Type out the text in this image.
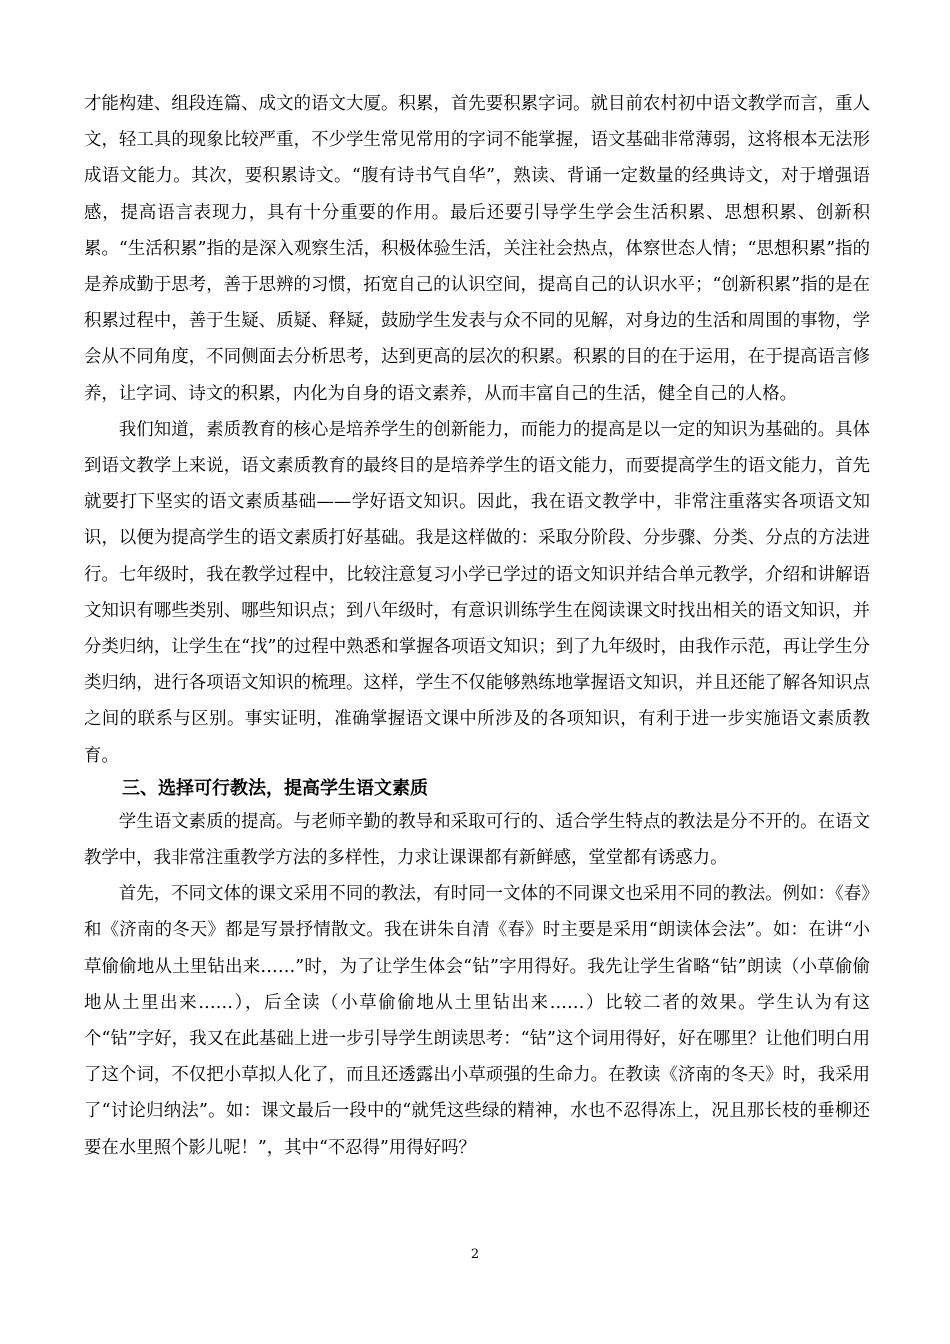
才能构建、组段连篇、成文的语文大厦。积累，首先要积累字词。就目前农村初中语文教学而言，重人文，轻工具的现象比较严重，不少学生常见常用的字词不能掌握，语文基础非常薄弱，这将根本无法形成语文能力。其次，要积累诗文。“腹有诗书气自华”，熟读、背诵一定数量的经典诗文，对于增强语感，提高语言表现力，具有十分重要的作用。最后还要引导学生学会生活积累、思想积累、创新积累。“生活积累”指的是深入观察生活，积极体验生活，关注社会热点，体察世态人情；“思想积累”指的是养成勤于思考，善于思辨的习惯，拓宽自己的认识空间，提高自己的认识水平；“创新积累”指的是在积累过程中，善于生疑、质疑、释疑，鼓励学生发表与众不同的见解，对身边的生活和周围的事物，学会从不同角度，不同侧面去分析思考，达到更高的层次的积累。积累的目的在于运用，在于提高语言修养，让字词、诗文的积累，内化为自身的语文素养，从而丰富自己的生活，健全自己的人格。

我们知道，素质教育的核心是培养学生的创新能力，而能力的提高是以一定的知识为基础的。具体到语文教学上来说，语文素质教育的最终目的是培养学生的语文能力，而要提高学生的语文能力，首先就要打下坚实的语文素质基础——学好语文知识。因此，我在语文教学中，非常注重落实各项语文知识，以便为提高学生的语文素质打好基础。我是这样做的：采取分阶段、分步骤、分类、分点的方法进行。七年级时，我在教学过程中，比较注意复习小学已学过的语文知识并结合单元教学，介绍和讲解语文知识有哪些类别、哪些知识点；到八年级时，有意识训练学生在阅读课文时找出相关的语文知识，并分类归纳，让学生在“找”的过程中熟悉和掌握各项语文知识；到了九年级时，由我作示范，再让学生分类归纳，进行各项语文知识的梳理。这样，学生不仅能够熟练地掌握语文知识，并且还能了解各知识点之间的联系与区别。事实证明，准确掌握语文课中所涉及的各项知识，有利于进一步实施语文素质教育。

三、选择可行教法，提高学生语文素质

学生语文素质的提高。与老师辛勤的教导和采取可行的、适合学生特点的教法是分不开的。在语文教学中，我非常注重教学方法的多样性，力求让课课都有新鲜感，堂堂都有诱惑力。

首先，不同文体的课文采用不同的教法，有时同一文体的不同课文也采用不同的教法。例如：《春》和《济南的冬天》都是写景抒情散文。我在讲朱自清《春》时主要是采用“朗读体会法”。如：在讲“小草偷偷地从土里钻出来……”时，为了让学生体会“钻”字用得好。我先让学生省略“钻”朗读（小草偷偷地从土里出来……），后全读（小草偷偷地从土里钻出来……）比较二者的效果。学生认为有这个“钻”字好，我又在此基础上进一步引导学生朗读思考：“钻”这个词用得好，好在哪里？让他们明白用了这个词，不仅把小草拟人化了，而且还透露出小草顽强的生命力。在教读《济南的冬天》时，我采用了“讨论归纳法”。如：课文最后一段中的“就凭这些绿的精神，水也不忍得冻上，况且那长枝的垂柳还要在水里照个影儿呢！”，其中“不忍得”用得好吗？

2
